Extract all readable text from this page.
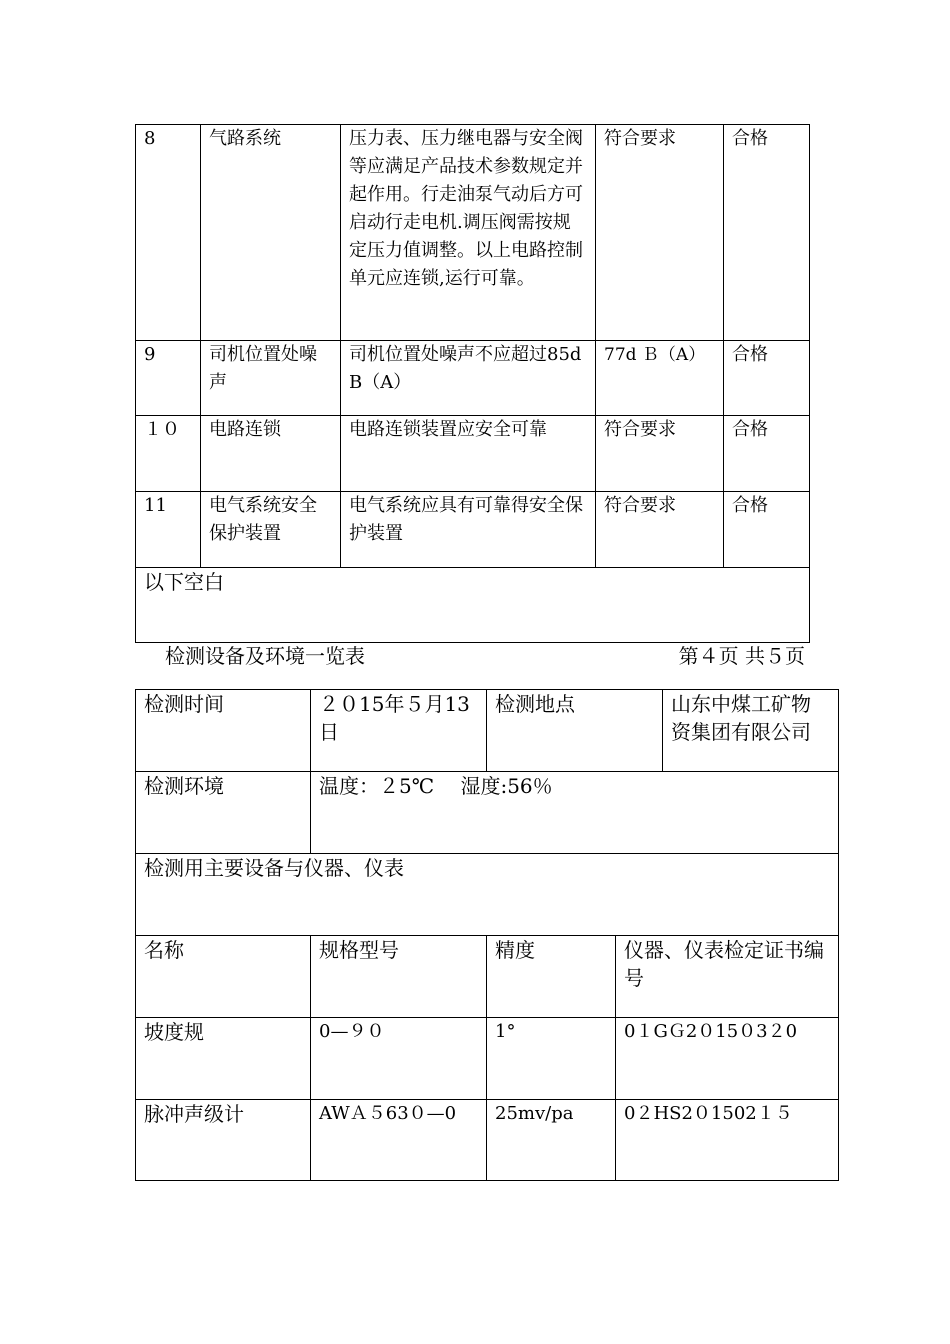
8	气路系统	压力表、压力继电器与安全阀等应满足产品技术参数规定并起作用。行走油泵气动后方可启动行走电机.调压阀需按规定压力值调整。以上电路控制单元应连锁,运行可靠。	符合要求	合格
9	司机位置处噪声	司机位置处噪声不应超过85dB（A）	77d Ｂ（A）	合格
１０	电路连锁	电路连锁装置应安全可靠	符合要求	合格
11	电气系统安全保护装置	电气系统应具有可靠得安全保护装置	符合要求	合格
以下空白				
检测设备及环境一览表	第４页 共５页
检测时间	２０15年５月13日	检测地点		山东中煤工矿物资集团有限公司
检测环境	温度：２5℃　 湿度:56％			
检测用主要设备与仪器、仪表				
名称	规格型号	精度	仪器、仪表检定证书编号	
坡度规	0—９０	1°	0１GＧ2０15０3２0	
脉冲声级计	AWＡ５63０—0	25mv/pa	0２HS2０1502１５	
